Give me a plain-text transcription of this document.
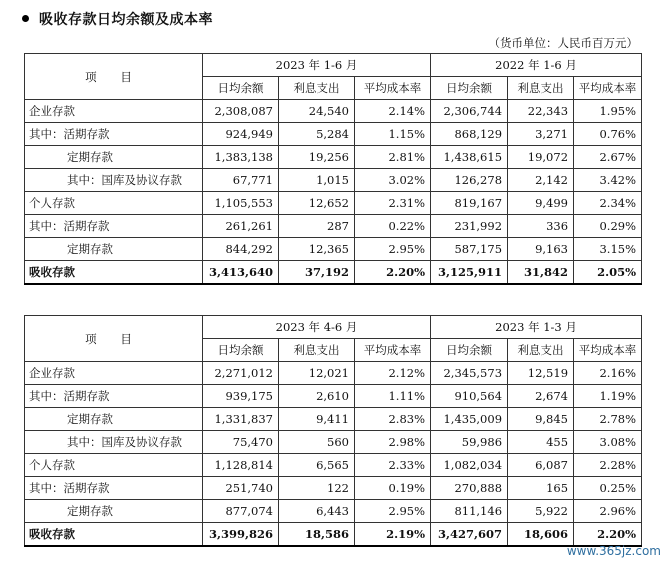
吸收存款日均余额及成本率
（货币单位：人民币百万元）
项 目	2023 年 1-6 月			2022 年 1-6 月		
	日均余额	利息支出	平均成本率	日均余额	利息支出	平均成本率
企业存款	2,308,087	24,540	2.14%	2,306,744	22,343	1.95%
其中：活期存款	924,949	5,284	1.15%	868,129	3,271	0.76%
定期存款	1,383,138	19,256	2.81%	1,438,615	19,072	2.67%
其中：国库及协议存款	67,771	1,015	3.02%	126,278	2,142	3.42%
个人存款	1,105,553	12,652	2.31%	819,167	9,499	2.34%
其中：活期存款	261,261	287	0.22%	231,992	336	0.29%
定期存款	844,292	12,365	2.95%	587,175	9,163	3.15%
吸收存款	3,413,640	37,192	2.20%	3,125,911	31,842	2.05%
项 目	2023 年 4-6 月			2023 年 1-3 月		
	日均余额	利息支出	平均成本率	日均余额	利息支出	平均成本率
企业存款	2,271,012	12,021	2.12%	2,345,573	12,519	2.16%
其中：活期存款	939,175	2,610	1.11%	910,564	2,674	1.19%
定期存款	1,331,837	9,411	2.83%	1,435,009	9,845	2.78%
其中：国库及协议存款	75,470	560	2.98%	59,986	455	3.08%
个人存款	1,128,814	6,565	2.33%	1,082,034	6,087	2.28%
其中：活期存款	251,740	122	0.19%	270,888	165	0.25%
定期存款	877,074	6,443	2.95%	811,146	5,922	2.96%
吸收存款	3,399,826	18,586	2.19%	3,427,607	18,606	2.20%
www.365jz.com
